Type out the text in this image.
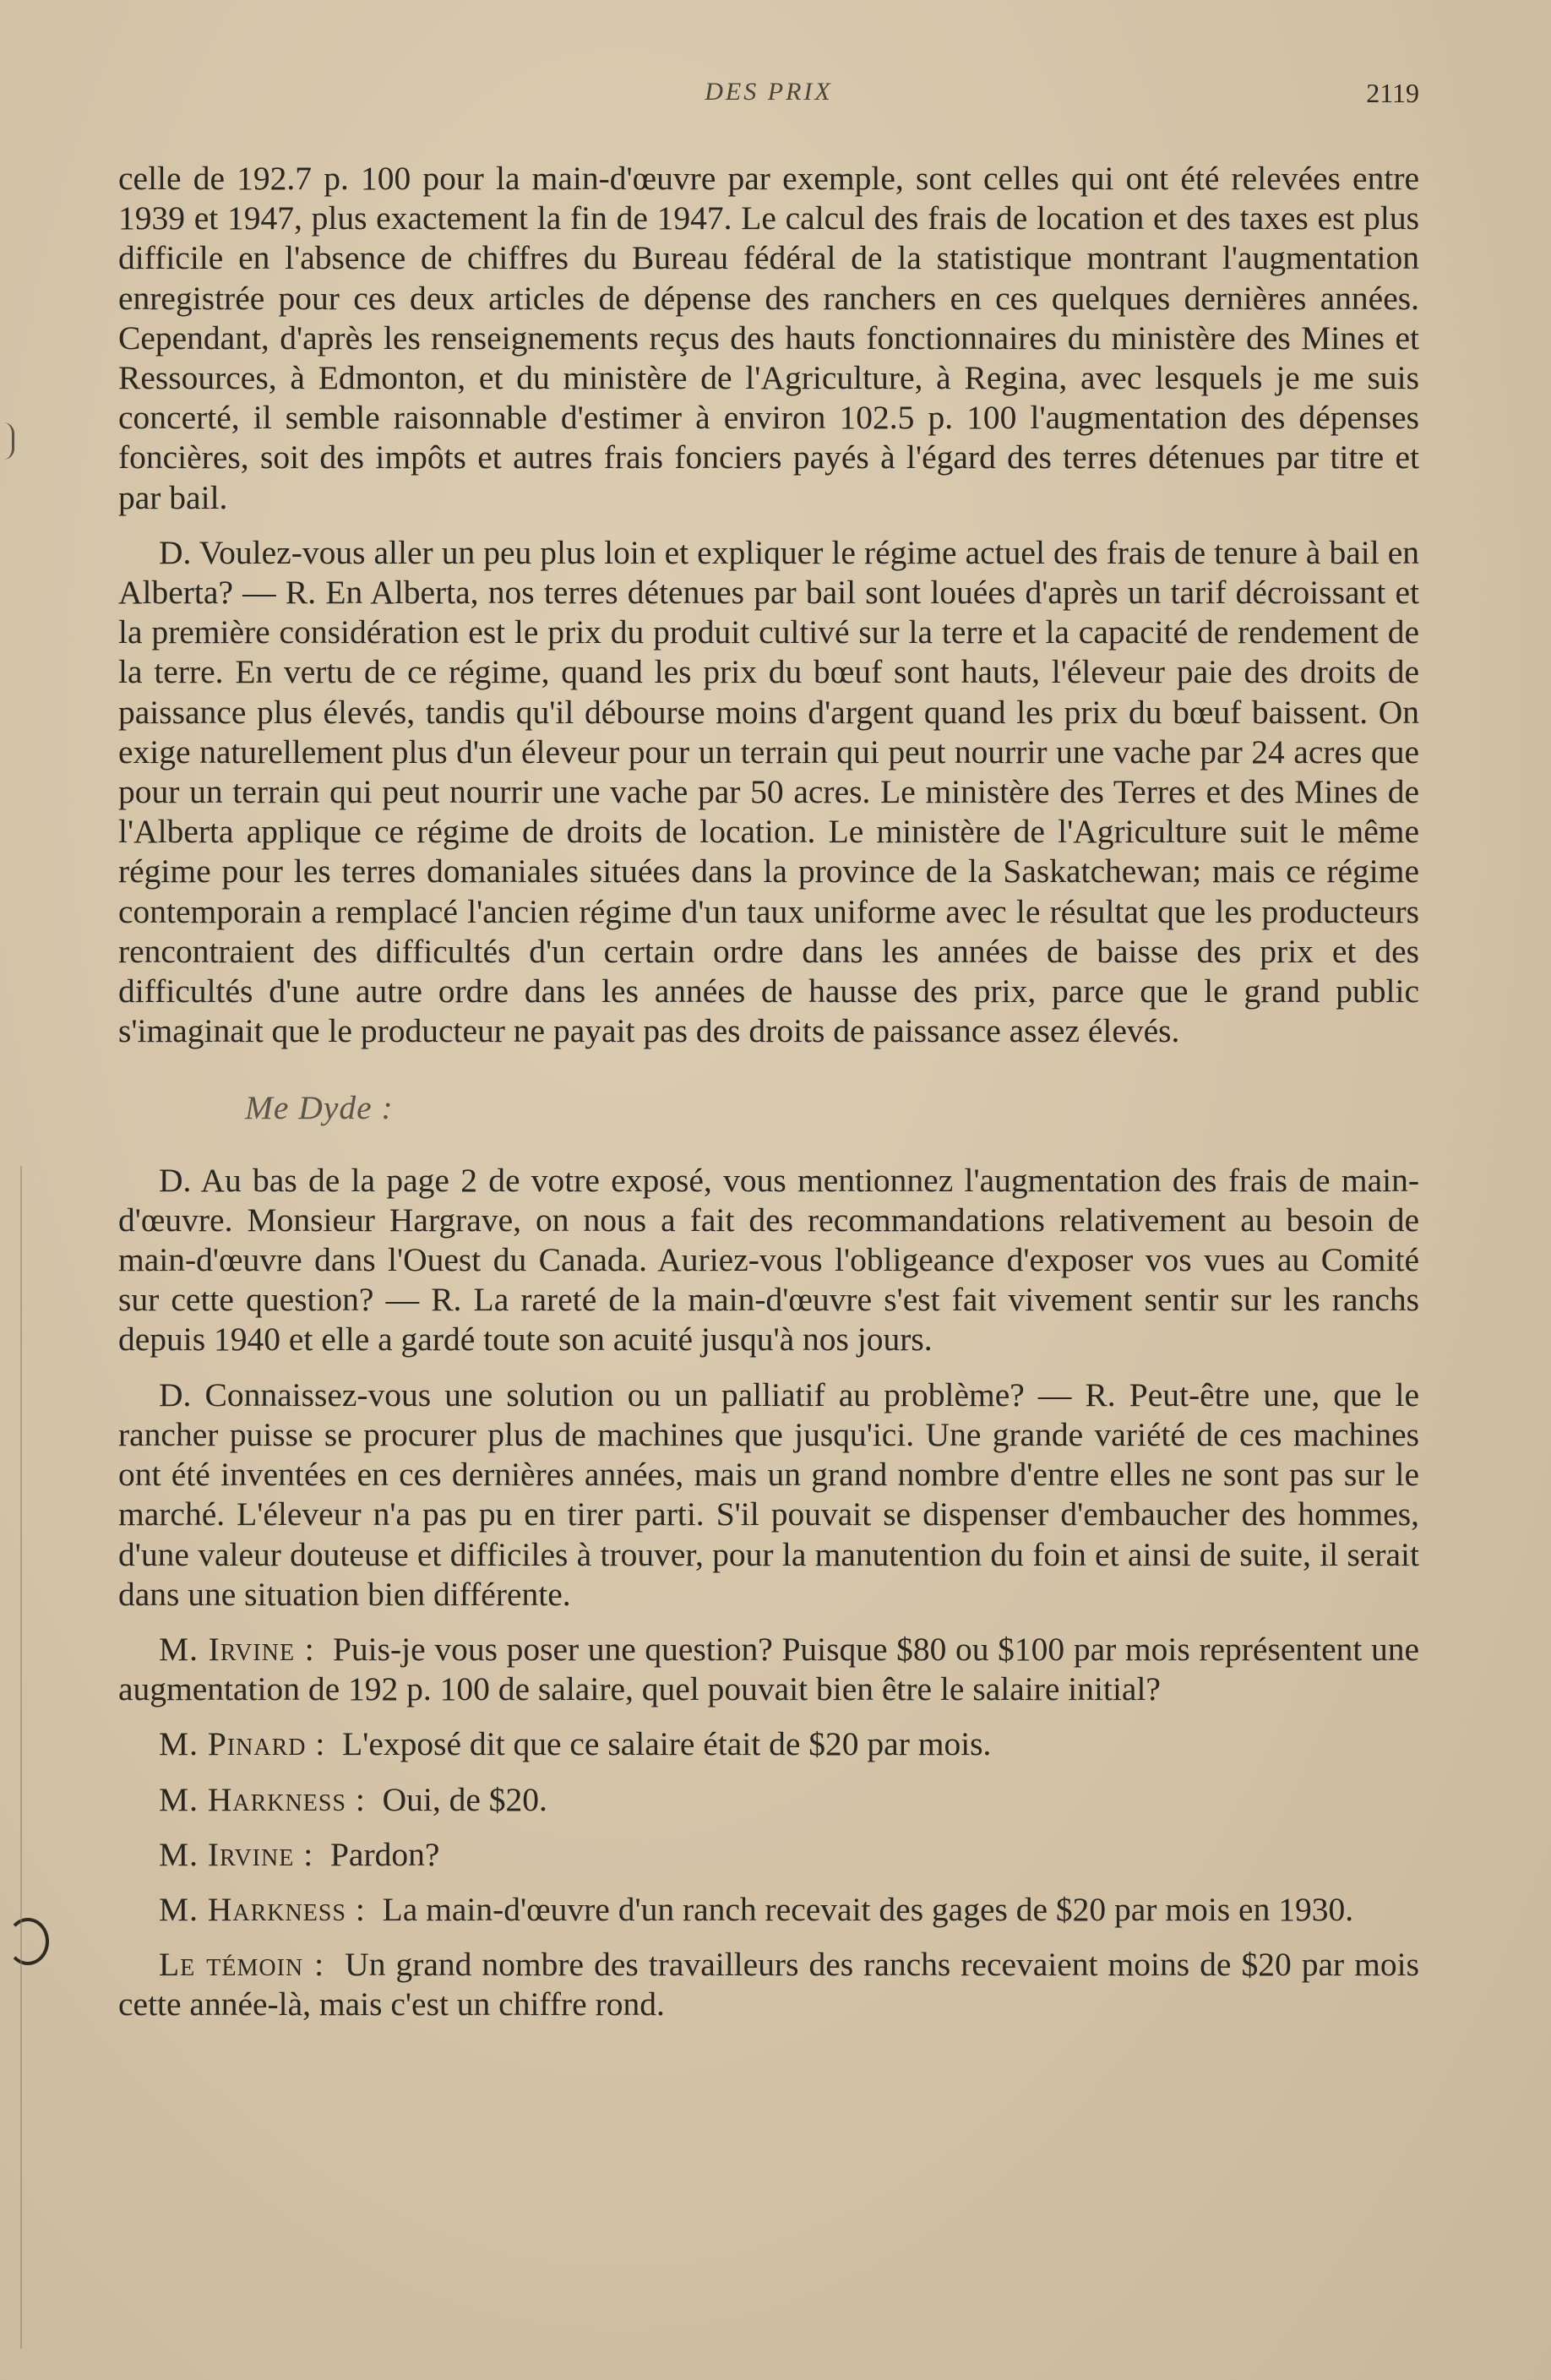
DES PRIX	2119

celle de 192.7 p. 100 pour la main-d'œuvre par exemple, sont celles qui ont été relevées entre 1939 et 1947, plus exactement la fin de 1947. Le calcul des frais de location et des taxes est plus difficile en l'absence de chiffres du Bureau fédéral de la statistique montrant l'augmentation enregistrée pour ces deux articles de dépense des ranchers en ces quelques dernières années. Cependant, d'après les renseignements reçus des hauts fonctionnaires du ministère des Mines et Ressources, à Edmonton, et du ministère de l'Agriculture, à Regina, avec lesquels je me suis concerté, il semble raisonnable d'estimer à environ 102.5 p. 100 l'augmentation des dépenses foncières, soit des impôts et autres frais fonciers payés à l'égard des terres détenues par titre et par bail.

D. Voulez-vous aller un peu plus loin et expliquer le régime actuel des frais de tenure à bail en Alberta? — R. En Alberta, nos terres détenues par bail sont louées d'après un tarif décroissant et la première considération est le prix du produit cultivé sur la terre et la capacité de rendement de la terre. En vertu de ce régime, quand les prix du bœuf sont hauts, l'éleveur paie des droits de paissance plus élevés, tandis qu'il débourse moins d'argent quand les prix du bœuf baissent. On exige naturellement plus d'un éleveur pour un terrain qui peut nourrir une vache par 24 acres que pour un terrain qui peut nourrir une vache par 50 acres. Le ministère des Terres et des Mines de l'Alberta applique ce régime de droits de location. Le ministère de l'Agriculture suit le même régime pour les terres domaniales situées dans la province de la Saskatchewan; mais ce régime contemporain a remplacé l'ancien régime d'un taux uniforme avec le résultat que les producteurs rencontraient des difficultés d'un certain ordre dans les années de baisse des prix et des difficultés d'une autre ordre dans les années de hausse des prix, parce que le grand public s'imaginait que le producteur ne payait pas des droits de paissance assez élevés.

Me Dyde :

D. Au bas de la page 2 de votre exposé, vous mentionnez l'augmentation des frais de main-d'œuvre. Monsieur Hargrave, on nous a fait des recommandations relativement au besoin de main-d'œuvre dans l'Ouest du Canada. Auriez-vous l'obligeance d'exposer vos vues au Comité sur cette question? — R. La rareté de la main-d'œuvre s'est fait vivement sentir sur les ranchs depuis 1940 et elle a gardé toute son acuité jusqu'à nos jours.

D. Connaissez-vous une solution ou un palliatif au problème? — R. Peut-être une, que le rancher puisse se procurer plus de machines que jusqu'ici. Une grande variété de ces machines ont été inventées en ces dernières années, mais un grand nombre d'entre elles ne sont pas sur le marché. L'éleveur n'a pas pu en tirer parti. S'il pouvait se dispenser d'embaucher des hommes, d'une valeur douteuse et difficiles à trouver, pour la manutention du foin et ainsi de suite, il serait dans une situation bien différente.

M. Irvine : Puis-je vous poser une question? Puisque $80 ou $100 par mois représentent une augmentation de 192 p. 100 de salaire, quel pouvait bien être le salaire initial?

M. Pinard : L'exposé dit que ce salaire était de $20 par mois.

M. Harkness : Oui, de $20.

M. Irvine : Pardon?

M. Harkness : La main-d'œuvre d'un ranch recevait des gages de $20 par mois en 1930.

Le témoin : Un grand nombre des travailleurs des ranchs recevaient moins de $20 par mois cette année-là, mais c'est un chiffre rond.
